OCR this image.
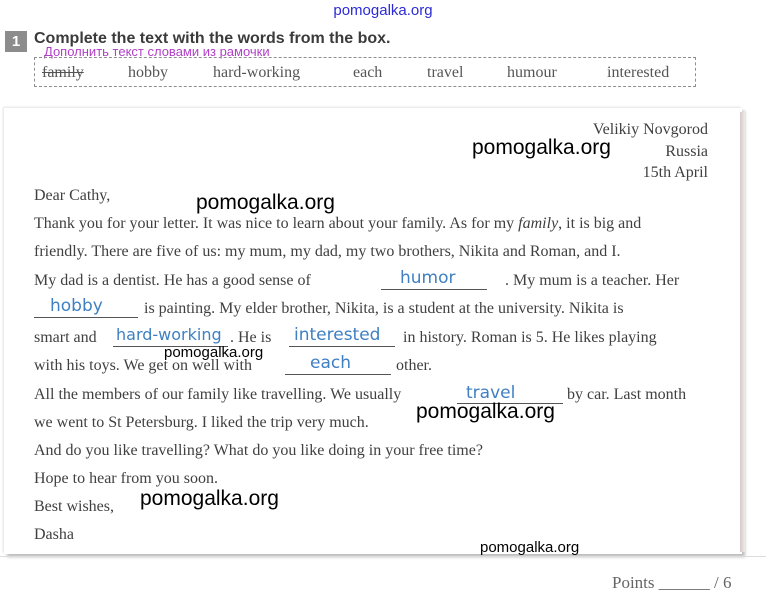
pomogalka.org
1 Complete the text with the words from the box.
Дополнить текст словами из рамочки
family	hobby	hard-working	each	travel	humour	interested
Velikiy Novgorod
Russia
15th April
Dear Cathy,
Thank you for your letter. It was nice to learn about your family. As for my family, it is big and
friendly. There are five of us: my mum, my dad, my two brothers, Nikita and Roman, and I.
My dad is a dentist. He has a good sense of	. My mum is a teacher. Her
is painting. My elder brother, Nikita, is a student at the university. Nikita is
smart and	. He is	in history. Roman is 5. He likes playing
with his toys. We get on well with	other.
All the members of our family like travelling. We usually	by car. Last month
we went to St Petersburg. I liked the trip very much.
And do you like travelling? What do you like doing in your free time?
Hope to hear from you soon.
Best wishes,
Dasha
humor
hobby
hard-working	interested
each
travel
pomogalka.org
pomogalka.org
pomogalka.org
pomogalka.org
pomogalka.org
pomogalka.org
Points ______ / 6
